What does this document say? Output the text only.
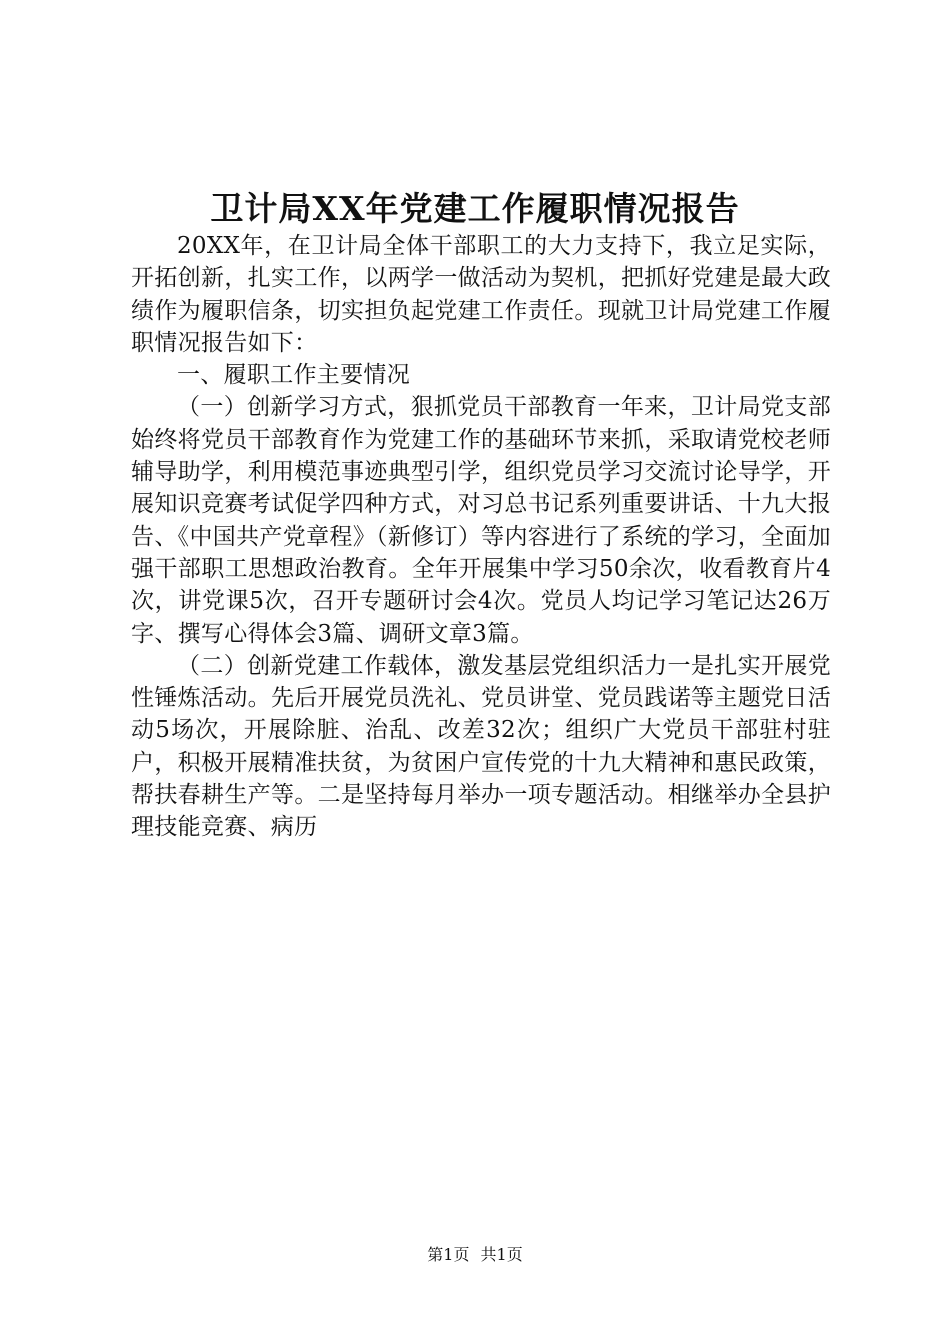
卫计局XX年党建工作履职情况报告

20XX年，在卫计局全体干部职工的大力支持下，我立足实际，开拓创新，扎实工作，以两学一做活动为契机，把抓好党建是最大政绩作为履职信条，切实担负起党建工作责任。现就卫计局党建工作履职情况报告如下：

一、履职工作主要情况

（一）创新学习方式，狠抓党员干部教育一年来，卫计局党支部始终将党员干部教育作为党建工作的基础环节来抓，采取请党校老师辅导助学，利用模范事迹典型引学，组织党员学习交流讨论导学，开展知识竞赛考试促学四种方式，对习总书记系列重要讲话、十九大报告、《中国共产党章程》（新修订）等内容进行了系统的学习，全面加强干部职工思想政治教育。全年开展集中学习50余次，收看教育片4次，讲党课5次，召开专题研讨会4次。党员人均记学习笔记达26万字、撰写心得体会3篇、调研文章3篇。

（二）创新党建工作载体，激发基层党组织活力一是扎实开展党性锤炼活动。先后开展党员洗礼、党员讲堂、党员践诺等主题党日活动5场次，开展除脏、治乱、改差32次；组织广大党员干部驻村驻户，积极开展精准扶贫，为贫困户宣传党的十九大精神和惠民政策，帮扶春耕生产等。二是坚持每月举办一项专题活动。相继举办全县护理技能竞赛、病历

第1页 共1页
